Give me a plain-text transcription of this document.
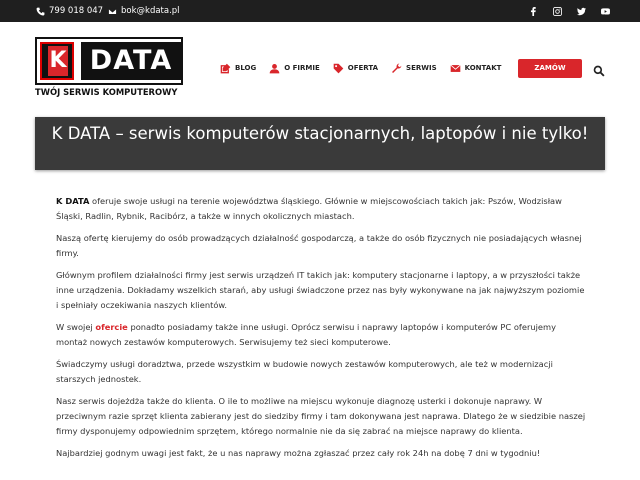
799 018 047 bok@kdata.pl
K DATA
TWÓJ SERWIS KOMPUTEROWY
BLOG	O FIRMIE	OFERTA	SERWIS	KONTAKT	ZAMÓW
K DATA – serwis komputerów stacjonarnych, laptopów i nie tylko!

K DATA oferuje swoje usługi na terenie województwa śląskiego. Głównie w miejscowościach takich jak: Pszów, Wodzisław Śląski, Radlin, Rybnik, Racibórz, a także w innych okolicznych miastach.

Naszą ofertę kierujemy do osób prowadzących działalność gospodarczą, a także do osób fizycznych nie posiadających własnej firmy.

Głównym profilem działalności firmy jest serwis urządzeń IT takich jak: komputery stacjonarne i laptopy, a w przyszłości także inne urządzenia. Dokładamy wszelkich starań, aby usługi świadczone przez nas były wykonywane na jak najwyższym poziomie i spełniały oczekiwania naszych klientów.

W swojej ofercie ponadto posiadamy także inne usługi. Oprócz serwisu i naprawy laptopów i komputerów PC oferujemy montaż nowych zestawów komputerowych. Serwisujemy też sieci komputerowe.

Świadczymy usługi doradztwa, przede wszystkim w budowie nowych zestawów komputerowych, ale też w modernizacji starszych jednostek.

Nasz serwis dojeżdża także do klienta. O ile to możliwe na miejscu wykonuje diagnozę usterki i dokonuje naprawy. W przeciwnym razie sprzęt klienta zabierany jest do siedziby firmy i tam dokonywana jest naprawa. Dlatego że w siedzibie naszej firmy dysponujemy odpowiednim sprzętem, którego normalnie nie da się zabrać na miejsce naprawy do klienta.

Najbardziej godnym uwagi jest fakt, że u nas naprawy można zgłaszać przez cały rok 24h na dobę 7 dni w tygodniu!
